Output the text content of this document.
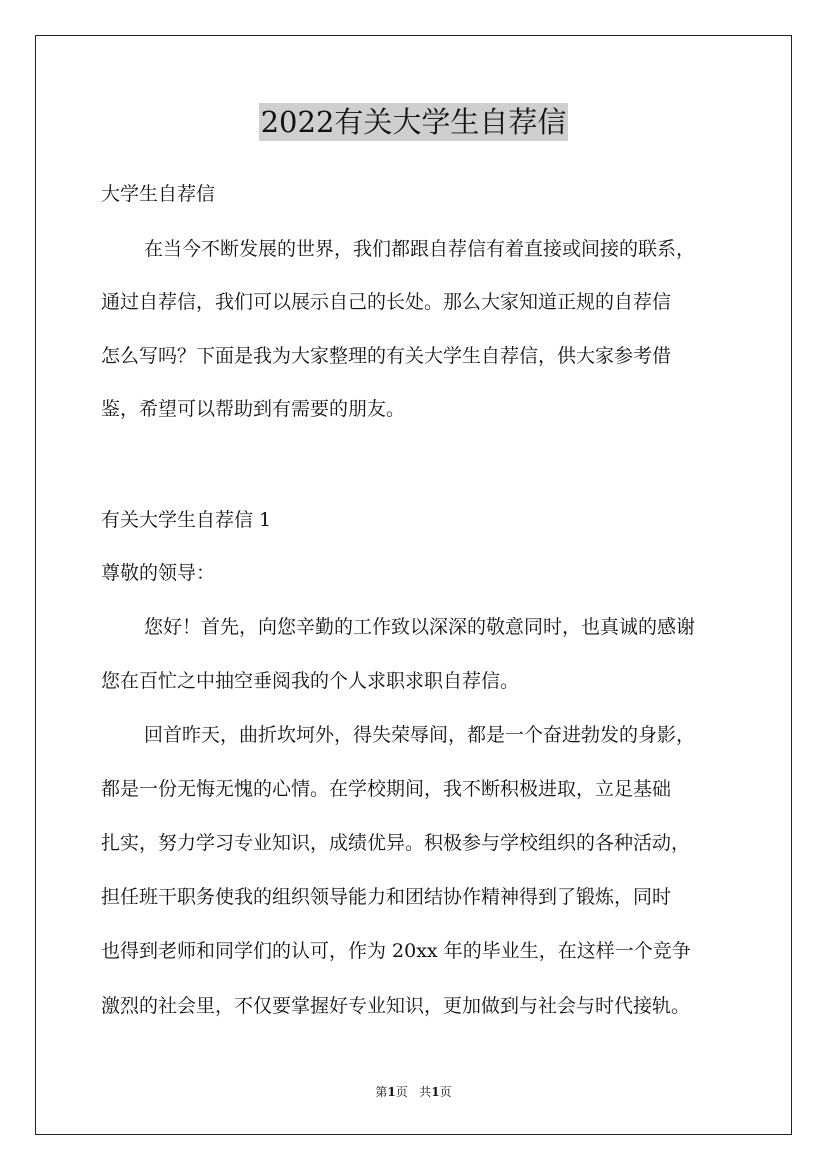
2022有关大学生自荐信
大学生自荐信
在当今不断发展的世界，我们都跟自荐信有着直接或间接的联系，
通过自荐信，我们可以展示自己的长处。那么大家知道正规的自荐信
怎么写吗？下面是我为大家整理的有关大学生自荐信，供大家参考借
鉴，希望可以帮助到有需要的朋友。
有关大学生自荐信 1
尊敬的领导：
您好！首先，向您辛勤的工作致以深深的敬意同时，也真诚的感谢
您在百忙之中抽空垂阅我的个人求职求职自荐信。
回首昨天，曲折坎坷外，得失荣辱间，都是一个奋进勃发的身影，
都是一份无悔无愧的心情。在学校期间，我不断积极进取，立足基础
扎实，努力学习专业知识，成绩优异。积极参与学校组织的各种活动，
担任班干职务使我的组织领导能力和团结协作精神得到了锻炼，同时
也得到老师和同学们的认可，作为 20xx 年的毕业生，在这样一个竞争
激烈的社会里，不仅要掌握好专业知识，更加做到与社会与时代接轨。
第1页 共1页
